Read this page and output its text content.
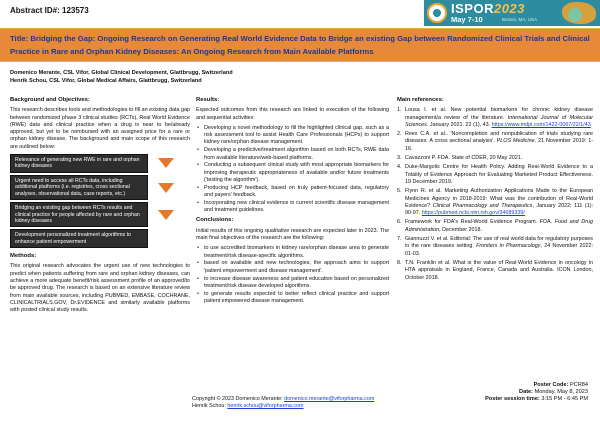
Abstract ID#: 123573	ISPOR2023
May 7-10	Boston, MA, USA
Title: Bridging the Gap: Ongoing Research on Generating Real World Evidence Data to Bridge an existing Gap between Randomized Clinical Trials and Clinical Practice in Rare and Orphan Kidney Diseases: An Ongoing Research from Main Available Platforms
Domenico Merante, CSL Vifor, Global Clinical Development, Glattbrugg, Switzerland
Henrik Schou, CSL Vifor, Global Medical Affairs, Glattbrugg, Switzerland
Background and Objectives:

This research describes tools and methodologies to fill an existing data gap between randomized phase 3 clinical studies (RCTs), Real World Evidence (RWE) data and clinical practice when a drug is near to be/already approved, but yet to be reimbursed with an assigned price for a rare or orphan kidney disease. The background and main scope of this research are outlined below:

Relevance of generating new RWE in rare and orphan kidney diseases
Urgent need to access all RCTs data, including additional platforms (i.e. registries, cross sectional analyses, observational data, case reports, etc.)
Bridging an existing gap between RCTs results and clinical practice for people affected by rare and orphan kidney diseases
Development personalized treatment algorithms to enhance patient empowerment
Methods:

This original research advocates the urgent use of new technologies to predict when patients suffering from rare and orphan kidney diseases, can achieve a more adequate benefit/risk assessment profile of an approved/to be approved drug. The research is based on an extensive literature review from main available sources, including PUBMED, EMBASE, COCHRANE, CLINICALTRIALS.GOV, Dr.EVIDENCE and similarly available platforms with posted clinical study results.

Results:

Expected outcomes from this research are linked to execution of the following and sequential activities:

• Developing a novel methodology to fill the highlighted clinical gap, such as a risk assessment tool to assist Health Care Professionals (HCPs) to support kidney rare/orphan disease management.
• Developing a predictive/treatment algorithm based on both RCTs, RWE data from available literature/web-based platforms.
• Conducting a subsequent clinical study with most appropriate biomarkers for improving therapeutic appropriateness of available and/or future treatments ('testing the algorithm').
• Producing HCP feedback, based on truly patient-focused data, regulatory and payers' feedback.
• Incorporating new clinical evidence in current scientific disease management and treatment guidelines.
Conclusions:

Initial results of this ongoing qualitative research are expected later in 2023. The main final objectives of the research are the following:

• to use accredited biomarkers in kidney rare/orphan disease area to generate treatment/risk disease-specific algorithms.
• based on available and new technologies, the approach aims to support 'patient empowerment and disease management'.
• to increase disease awareness and patient education based on personalized treatment/risk disease developed algorithms.
• to generate results expected to better reflect clinical practice and support patient empowered disease management.
Main references:
1. Lousa I. et al. New potential biomarkers for chronic kidney disease management/a review of the literature. International Journal of Molecular Sciences. January 2021. 22 (1), 43. https://www.mdpi.com/1422-0067/22/1/43
2. Rees C.A. et al.. 'Noncompletion and nonpublication of trials studying rare diseases: A cross sectional analysis'. PLOS Medicine. 21 November 2019: 1-16.
3. Cavazzoni P. FDA. State of CDER, 20 May 2021.
4. Duke-Margolis Centre for Health Policy. Adding Real-World Evidence to a Totality of Evidence Approach for Evaluating Marketed Product Effectiveness. 19 December 2019.
5. Flynn R. et al. Marketing Authorization Applications Made to the European Medicines Agency in 2018-2019: What was the contribution of Real-World Evidence? Clinical Pharmacology and Therapeutics, January 2022; 111 (1): 90-97. https://pubmed.ncbi.nlm.nih.gov/34689339/
6. Framework for FDA's Real-World Evidence Program. FDA. Food and Drug Administration, December 2018.
7. Giannuzzi V. et al. Editorial: The use of real world data for regulatory purposes in the rare diseases setting. Frontiers in Pharmacology, 24 November 2022: 01-03.
8. T.N. Franklin et al. What is the value of Real-World Evidence in oncology in HTA appraisals in England, France, Canada and Australia. ICON London, October 2018.
Copyright © 2023 Domenico Merante: domenico.merante@viforpharma.com
Henrik Schou: henrik.schou@viforpharma.com
Poster Code: PCR84
Date: Monday, May 8, 2023
Poster session time: 3:15 PM - 6:45 PM
